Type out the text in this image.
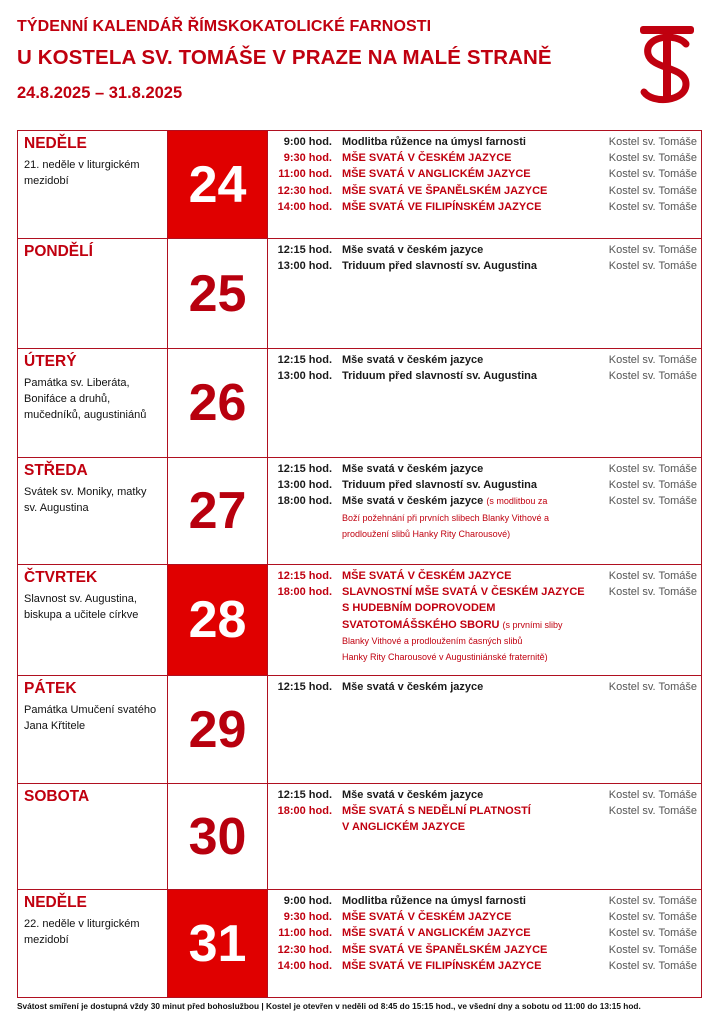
TÝDENNÍ KALENDÁŘ ŘÍMSKOKATOLICKÉ FARNOSTI
U KOSTELA SV. TOMÁŠE V PRAZE NA MALÉ STRANĚ
24.8.2025 – 31.8.2025
NEDĚLE
21. neděle v liturgickém mezidobí	24
9:00 hod. Modlitba růžence na úmysl farnosti	Kostel sv. Tomáše
9:30 hod. MŠE SVATÁ V ČESKÉM JAZYCE	Kostel sv. Tomáše
11:00 hod. MŠE SVATÁ V ANGLICKÉM JAZYCE	Kostel sv. Tomáše
12:30 hod. MŠE SVATÁ VE ŠPANĚLSKÉM JAZYCE	Kostel sv. Tomáše
14:00 hod. MŠE SVATÁ VE FILIPÍNSKÉM JAZYCE	Kostel sv. Tomáše
PONDĚLÍ
25
12:15 hod. Mše svatá v českém jazyce	Kostel sv. Tomáše
13:00 hod. Triduum před slavností sv. Augustina	Kostel sv. Tomáše
ÚTERÝ
Památka sv. Liberáta, Bonifáce a druhů, mučedníků, augustiniánů 26
12:15 hod. Mše svatá v českém jazyce	Kostel sv. Tomáše
13:00 hod. Triduum před slavností sv. Augustina	Kostel sv. Tomáše
STŘEDA
Svátek sv. Moniky, matky sv. Augustina	27
12:15 hod. Mše svatá v českém jazyce	Kostel sv. Tomáše
13:00 hod. Triduum před slavností sv. Augustina	Kostel sv. Tomáše
18:00 hod. Mše svatá v českém jazyce (s modlitbou za	Kostel sv. Tomáše
Boží požehnání při prvních slibech Blanky Vithové a
prodloužení slibů Hanky Rity Charousové)
ČTVRTEK
Slavnost sv. Augustina, biskupa a učitele církve 28
12:15 hod. MŠE SVATÁ V ČESKÉM JAZYCE	Kostel sv. Tomáše
18:00 hod. SLAVNOSTNÍ MŠE SVATÁ V ČESKÉM JAZYCE	Kostel sv. Tomáše
S HUDEBNÍM DOPROVODEM
SVATOTOMÁŠSKÉHO SBORU (s prvními sliby
Blanky Vithové a prodloužením časných slibů
Hanky Rity Charousové v Augustiniánské fraternitě)
PÁTEK
Památka Umučení svatého Jana Křtitele	29
12:15 hod. Mše svatá v českém jazyce	Kostel sv. Tomáše
SOBOTA
30
12:15 hod. Mše svatá v českém jazyce	Kostel sv. Tomáše
18:00 hod. MŠE SVATÁ S NEDĚLNÍ PLATNOSTÍ	Kostel sv. Tomáše
V ANGLICKÉM JAZYCE
NEDĚLE
22. neděle v liturgickém mezidobí	31
9:00 hod. Modlitba růžence na úmysl farnosti	Kostel sv. Tomáše
9:30 hod. MŠE SVATÁ V ČESKÉM JAZYCE	Kostel sv. Tomáše
11:00 hod. MŠE SVATÁ V ANGLICKÉM JAZYCE	Kostel sv. Tomáše
12:30 hod. MŠE SVATÁ VE ŠPANĚLSKÉM JAZYCE	Kostel sv. Tomáše
14:00 hod. MŠE SVATÁ VE FILIPÍNSKÉM JAZYCE	Kostel sv. Tomáše
Svátost smíření je dostupná vždy 30 minut před bohoslužbou | Kostel je otevřen v neděli od 8:45 do 15:15 hod., ve všední dny a sobotu od 11:00 do 13:15 hod.
